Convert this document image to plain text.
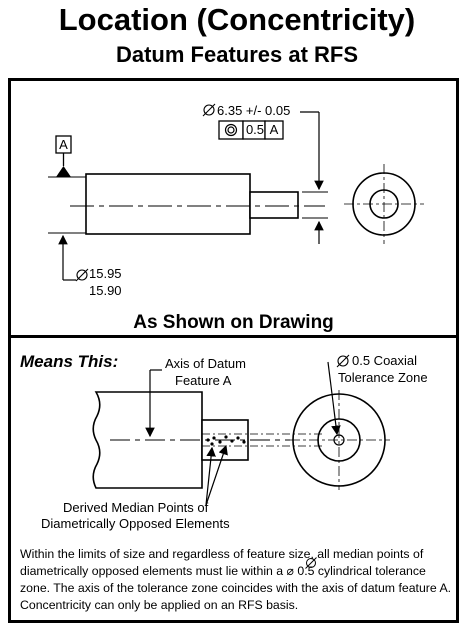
Location (Concentricity)
Datum Features at RFS
A
6.35 +/- 0.05
0.5 A
15.95
15.90
As Shown on Drawing
Means This:	Axis of Datum
Feature A
0.5 Coaxial
Tolerance Zone
Derived Median Points of
Diametrically Opposed Elements
Within the limits of size and regardless of feature size, all median points of diametrically opposed elements must lie within a ⌀ 0.5 cylindrical tolerance zone. The axis of the tolerance zone coincides with the axis of datum feature A. Concentricity can only be applied on an RFS basis.
